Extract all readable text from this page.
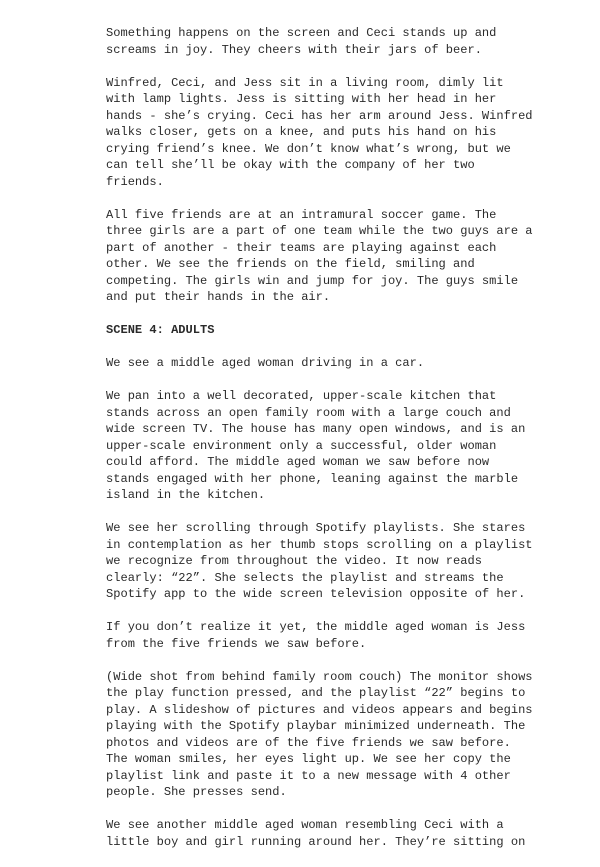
Something happens on the screen and Ceci stands up and
screams in joy. They cheers with their jars of beer.
Winfred, Ceci, and Jess sit in a living room, dimly lit
with lamp lights. Jess is sitting with her head in her
hands - she’s crying. Ceci has her arm around Jess. Winfred
walks closer, gets on a knee, and puts his hand on his
crying friend’s knee. We don’t know what’s wrong, but we
can tell she’ll be okay with the company of her two
friends.
All five friends are at an intramural soccer game. The
three girls are a part of one team while the two guys are a
part of another - their teams are playing against each
other. We see the friends on the field, smiling and
competing. The girls win and jump for joy. The guys smile
and put their hands in the air.
SCENE 4: ADULTS
We see a middle aged woman driving in a car.
We pan into a well decorated, upper-scale kitchen that
stands across an open family room with a large couch and
wide screen TV. The house has many open windows, and is an
upper-scale environment only a successful, older woman
could afford. The middle aged woman we saw before now
stands engaged with her phone, leaning against the marble
island in the kitchen.
We see her scrolling through Spotify playlists. She stares
in contemplation as her thumb stops scrolling on a playlist
we recognize from throughout the video. It now reads
clearly: “22”. She selects the playlist and streams the
Spotify app to the wide screen television opposite of her.
If you don’t realize it yet, the middle aged woman is Jess
from the five friends we saw before.
(Wide shot from behind family room couch) The monitor shows
the play function pressed, and the playlist “22” begins to
play. A slideshow of pictures and videos appears and begins
playing with the Spotify playbar minimized underneath. The
photos and videos are of the five friends we saw before.
The woman smiles, her eyes light up. We see her copy the
playlist link and paste it to a new message with 4 other
people. She presses send.
We see another middle aged woman resembling Ceci with a
little boy and girl running around her. They’re sitting on
